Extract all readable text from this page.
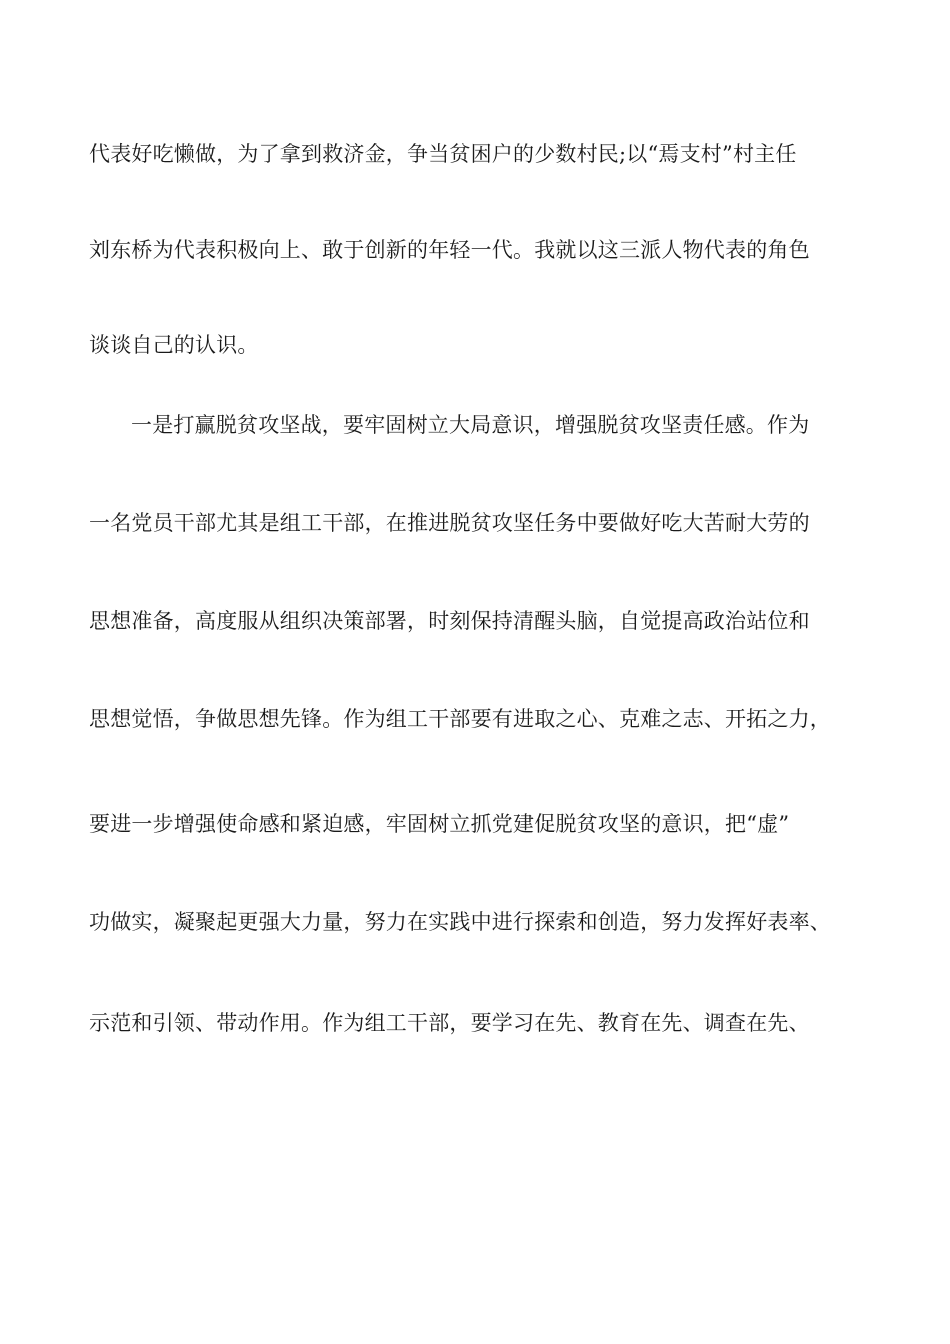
代表好吃懒做，为了拿到救济金，争当贫困户的少数村民;以“焉支村”村主任
刘东桥为代表积极向上、敢于创新的年轻一代。我就以这三派人物代表的角色
谈谈自己的认识。
一是打赢脱贫攻坚战，要牢固树立大局意识，增强脱贫攻坚责任感。作为
一名党员干部尤其是组工干部，在推进脱贫攻坚任务中要做好吃大苦耐大劳的
思想准备，高度服从组织决策部署，时刻保持清醒头脑，自觉提高政治站位和
思想觉悟，争做思想先锋。作为组工干部要有进取之心、克难之志、开拓之力，
要进一步增强使命感和紧迫感，牢固树立抓党建促脱贫攻坚的意识，把“虚”
功做实，凝聚起更强大力量，努力在实践中进行探索和创造，努力发挥好表率、
示范和引领、带动作用。作为组工干部，要学习在先、教育在先、调查在先、
